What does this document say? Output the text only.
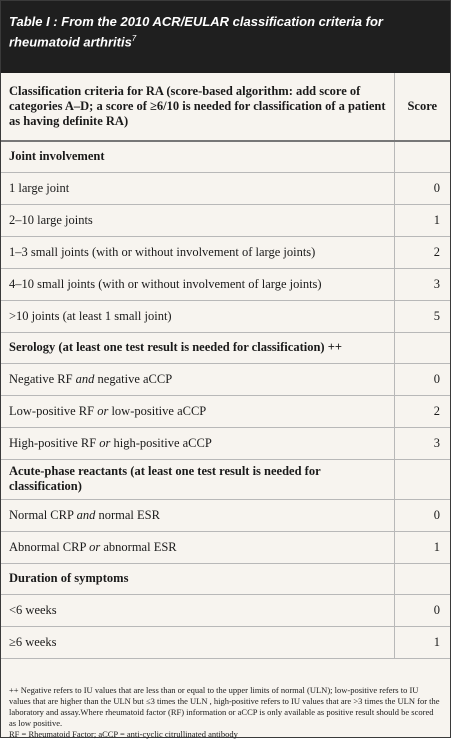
Table I : From the 2010 ACR/EULAR classification criteria for rheumatoid arthritis$^7$
Classification criteria for RA (score-based algorithm: add score of categories A–D; a score of ≥6/10 is needed for classification of a patient as having definite RA)	Score
Joint involvement	
1 large joint	0
2–10 large joints	1
1–3 small joints (with or without involvement of large joints)	2
4–10 small joints (with or without involvement of large joints)	3
>10 joints (at least 1 small joint)	5
Serology (at least one test result is needed for classification) ++	
Negative RF and negative aCCP	0
Low-positive RF or low-positive aCCP	2
High-positive RF or high-positive aCCP	3
Acute-phase reactants (at least one test result is needed for classification)	
Normal CRP and normal ESR	0
Abnormal CRP or abnormal ESR	1
Duration of symptoms	
<6 weeks	0
≥6 weeks	1

++ Negative refers to IU values that are less than or equal to the upper limits of normal (ULN); low-positive refers to IU values that are higher than the ULN but ≤3 times the ULN , high-positive refers to IU values that are >3 times the ULN for the laboratory and assay.Where rheumatoid factor (RF) information or aCCP is only available as positive result should be scored as low positive.
RF = Rheumatoid Factor; aCCP = anti-cyclic citrullinated antibody	
